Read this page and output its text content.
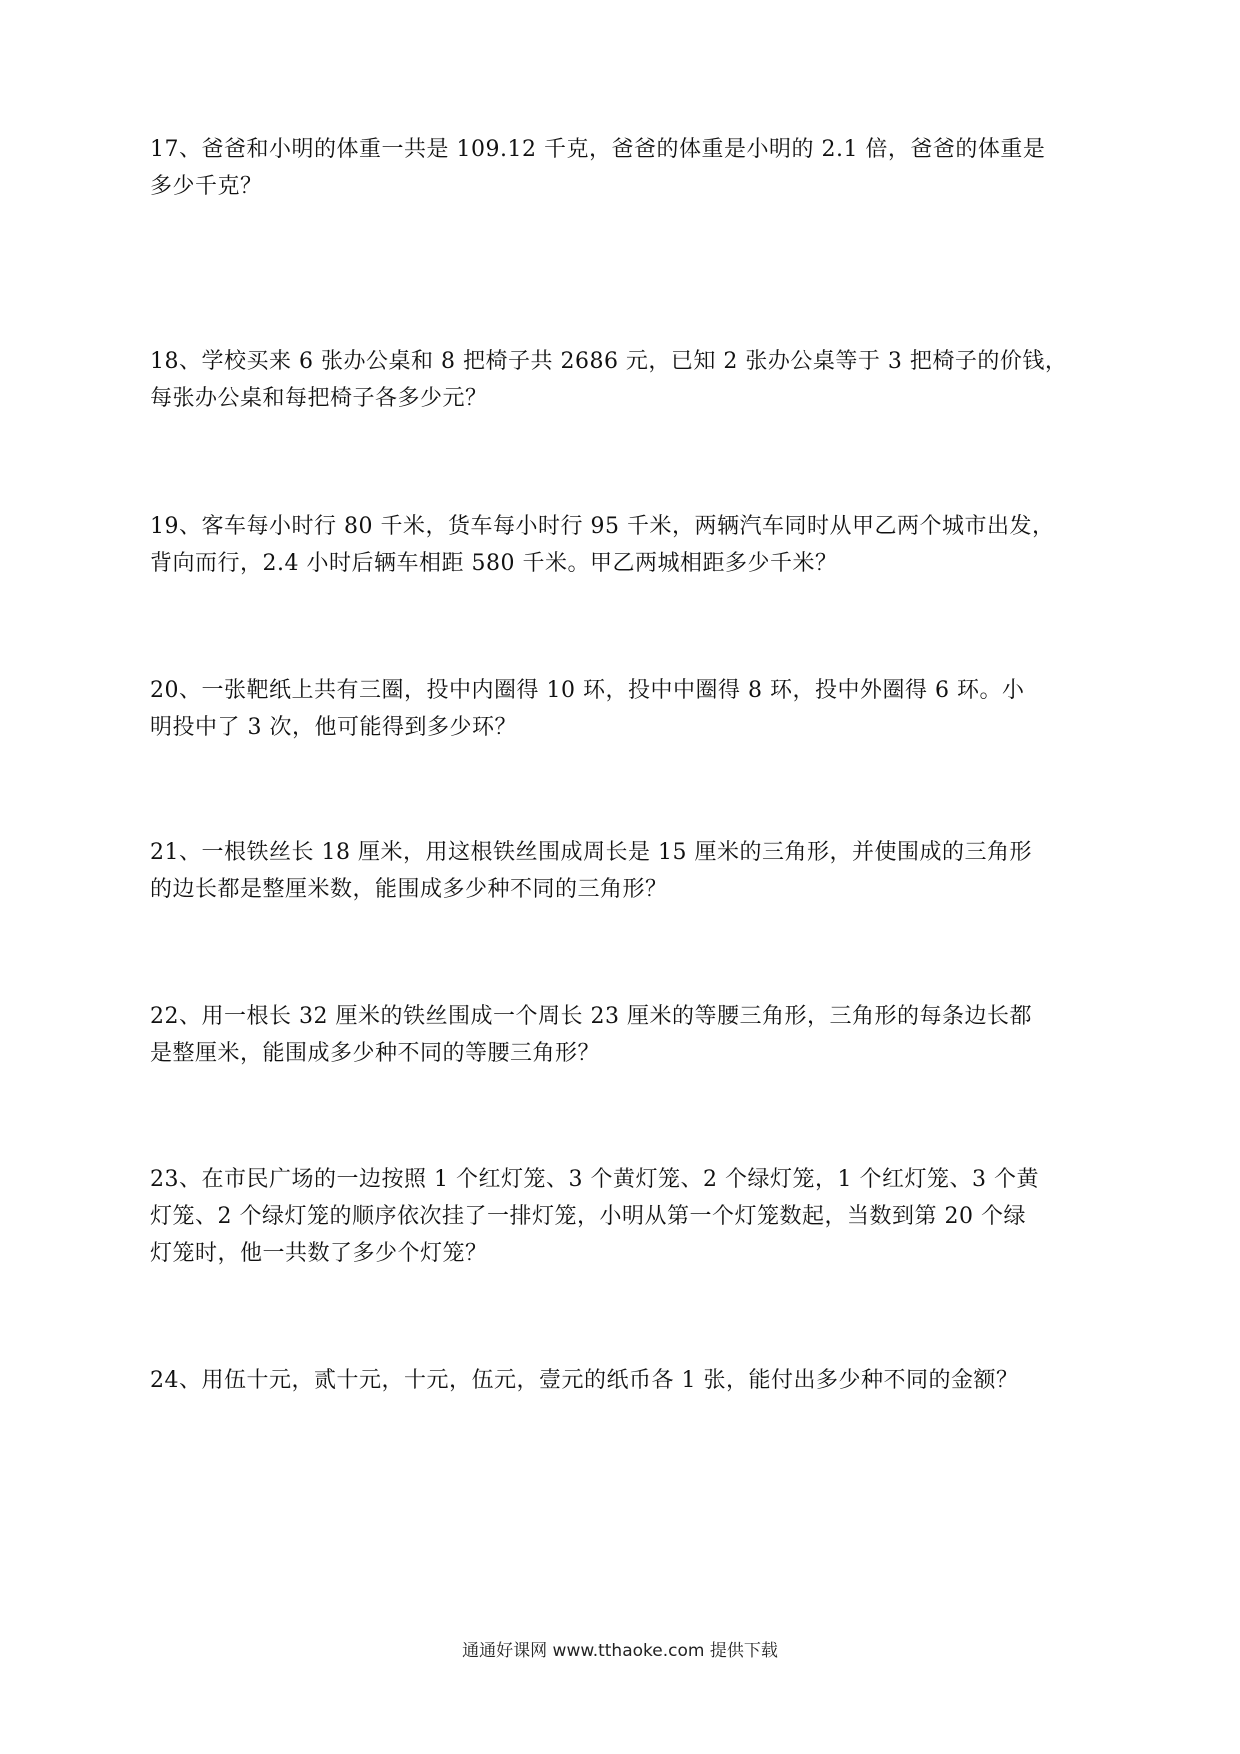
17、爸爸和小明的体重一共是 109.12 千克，爸爸的体重是小明的 2.1 倍，爸爸的体重是
多少千克？
18、学校买来 6 张办公桌和 8 把椅子共 2686 元，已知 2 张办公桌等于 3 把椅子的价钱，
每张办公桌和每把椅子各多少元？
19、客车每小时行 80 千米，货车每小时行 95 千米，两辆汽车同时从甲乙两个城市出发，
背向而行，2.4 小时后辆车相距 580 千米。甲乙两城相距多少千米？
20、一张靶纸上共有三圈，投中内圈得 10 环，投中中圈得 8 环，投中外圈得 6 环。小
明投中了 3 次，他可能得到多少环？
21、一根铁丝长 18 厘米，用这根铁丝围成周长是 15 厘米的三角形，并使围成的三角形
的边长都是整厘米数，能围成多少种不同的三角形？
22、用一根长 32 厘米的铁丝围成一个周长 23 厘米的等腰三角形，三角形的每条边长都
是整厘米，能围成多少种不同的等腰三角形？
23、在市民广场的一边按照 1 个红灯笼、3 个黄灯笼、2 个绿灯笼，1 个红灯笼、3 个黄
灯笼、2 个绿灯笼的顺序依次挂了一排灯笼，小明从第一个灯笼数起，当数到第 20 个绿
灯笼时，他一共数了多少个灯笼？
24、用伍十元，贰十元，十元，伍元，壹元的纸币各 1 张，能付出多少种不同的金额？
通通好课网 www.tthaoke.com 提供下载
